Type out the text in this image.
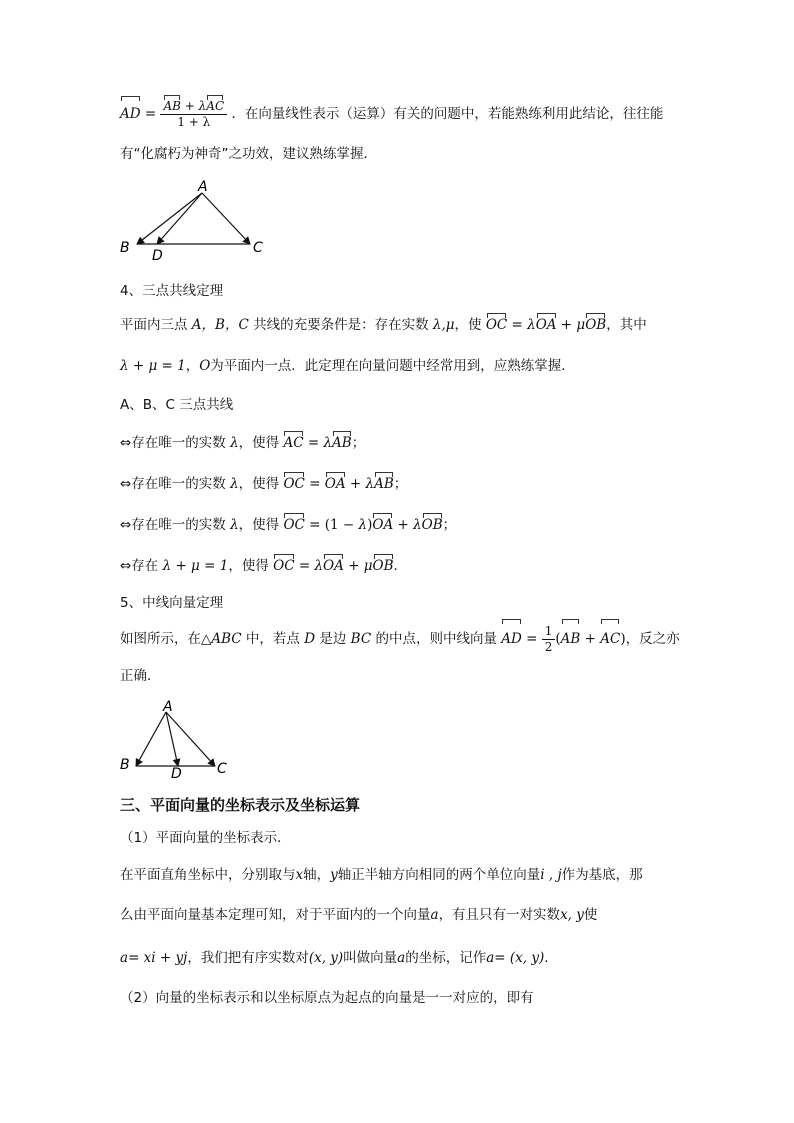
AD = $\frac{\text{AB + λAC}}{1 + \lambda}$ ．在向量线性表示（运算）有关的问题中，若能熟练利用此结论，往往能
有“化腐朽为神奇”之功效，建议熟练掌握．
A
B D	C
4、三点共线定理
平面内三点 A，B，C 共线的充要条件是：存在实数 λ,μ，使 OC = λOA + μOB，其中
λ + μ = 1，O为平面内一点．此定理在向量问题中经常用到，应熟练掌握．
A、B、C 三点共线
⇔存在唯一的实数 λ，使得 AC = λAB；
⇔存在唯一的实数 λ，使得 OC = OA + λAB；
⇔存在唯一的实数 λ，使得 OC = (1 − λ)OA + λOB；
⇔存在 λ + μ = 1，使得 OC = λOA + μOB．
5、中线向量定理
如图所示，在△ABC 中，若点 D 是边 BC 的中点，则中线向量 AD = $\frac{1}{2} (AB + AC)$，反之亦
正确．
A
B
D	C
三、平面向量的坐标表示及坐标运算
（1）平面向量的坐标表示．
在平面直角坐标中，分别取与x轴，y轴正半轴方向相同的两个单位向量i , j作为基底，那
么由平面向量基本定理可知，对于平面内的一个向量a，有且只有一对实数x, y使
a= xi + yj，我们把有序实数对(x, y)叫做向量a的坐标，记作a= (x, y)．
（2）向量的坐标表示和以坐标原点为起点的向量是一一对应的，即有
